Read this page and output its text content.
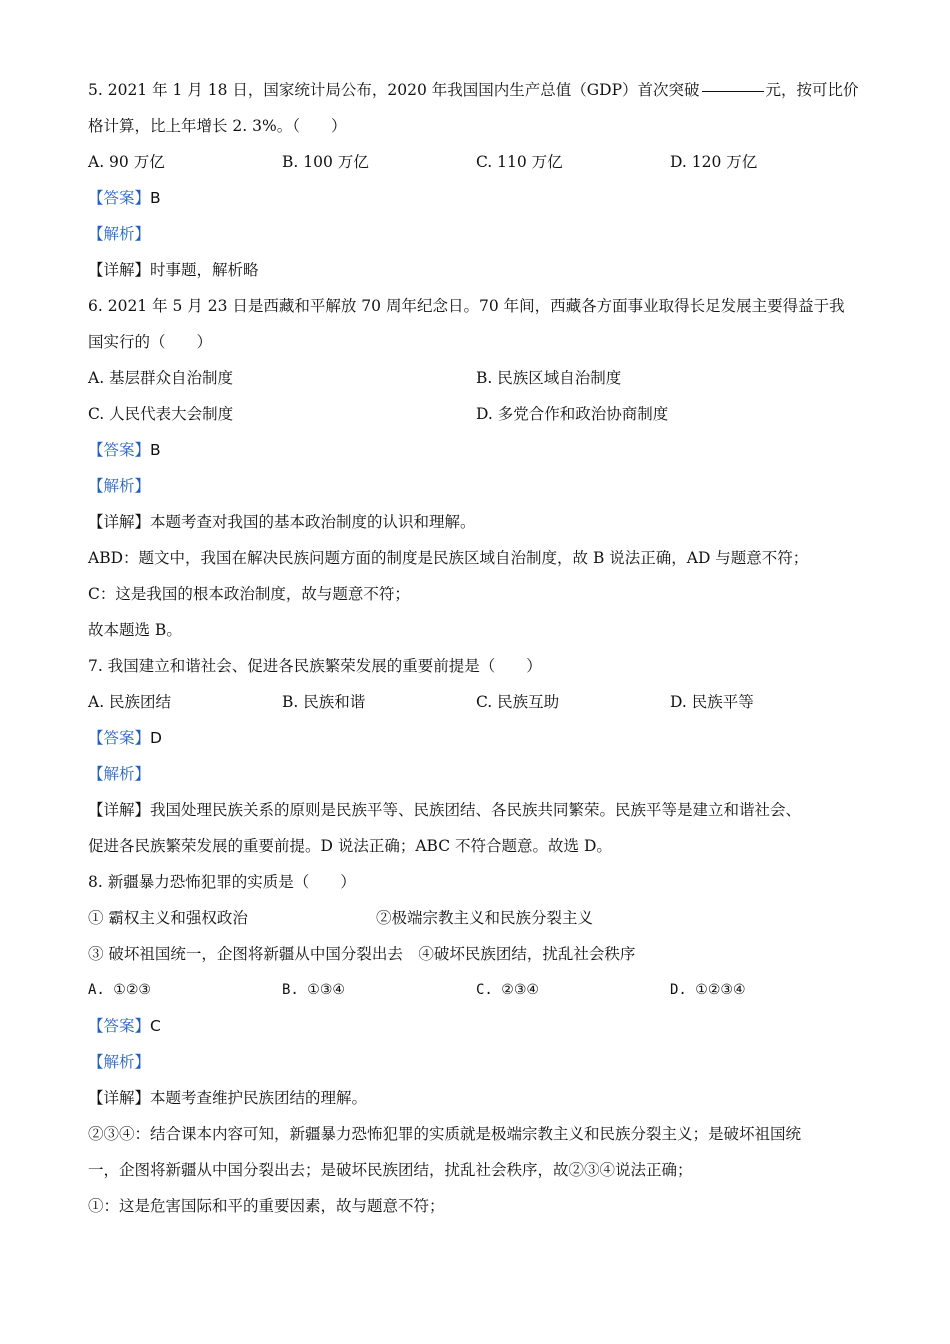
5. 2021 年 1 月 18 日，国家统计局公布，2020 年我国国内生产总值（GDP）首次突破	元，按可比价
格计算，比上年增长 2. 3%。（　　）
A. 90 万亿	B. 100 万亿	C. 110 万亿	D. 120 万亿
【答案】B
【解析】
【详解】时事题，解析略
6. 2021 年 5 月 23 日是西藏和平解放 70 周年纪念日。70 年间，西藏各方面事业取得长足发展主要得益于我
国实行的（　　）
A. 基层群众自治制度	B. 民族区域自治制度
C. 人民代表大会制度	D. 多党合作和政治协商制度
【答案】B
【解析】
【详解】本题考查对我国的基本政治制度的认识和理解。
ABD：题文中，我国在解决民族问题方面的制度是民族区域自治制度，故 B 说法正确，AD 与题意不符；
C：这是我国的根本政治制度，故与题意不符；
故本题选 B。
7. 我国建立和谐社会、促进各民族繁荣发展的重要前提是（　　）
A. 民族团结	B. 民族和谐	C. 民族互助	D. 民族平等
【答案】D
【解析】
【详解】我国处理民族关系的原则是民族平等、民族团结、各民族共同繁荣。民族平等是建立和谐社会、
促进各民族繁荣发展的重要前提。D 说法正确；ABC 不符合题意。故选 D。
8. 新疆暴力恐怖犯罪的实质是（　　）
① 霸权主义和强权政治	②极端宗教主义和民族分裂主义
③ 破坏祖国统一，企图将新疆从中国分裂出去　④破坏民族团结，扰乱社会秩序
A. ①②③	B. ①③④	C. ②③④	D. ①②③④
【答案】C
【解析】
【详解】本题考查维护民族团结的理解。
②③④：结合课本内容可知，新疆暴力恐怖犯罪的实质就是极端宗教主义和民族分裂主义；是破坏祖国统
一，企图将新疆从中国分裂出去；是破坏民族团结，扰乱社会秩序，故②③④说法正确；
①：这是危害国际和平的重要因素，故与题意不符；
